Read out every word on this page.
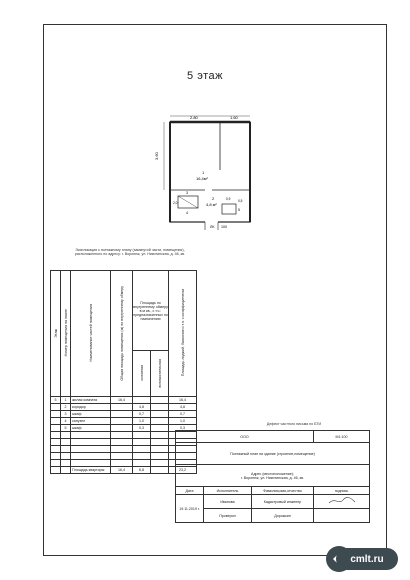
5 этаж
2.80	1.60
3.60
1
16,4м²
2
4,8 м²
3
4
5
2,0
0,9 0,5
ЛК 100
Экспликация к поэтажному плану (замкнутой части, помещения), расположенного по адресу: г. Воронеж, ул. Никитинская, д. 46, кв.
Этаж	Номер помещения на плане	Наименование частей помещения	Общая площадь помещения (м) по внутреннему обмеру	Площадь по внутреннему обмеру в м кв., с т.ч.: предназначенных по назначению		Площадь лоджий, балконов и т.п. с коэффициентом
				основная	вспомогательная	
5	1	жилая комната	16,4			16,4
	2	коридор		4,8		4,8
	3	шкаф		0,7		0,7
	4	санузел		1,0		1,0
	5	шкаф		0,3		0,3

		Площадь квартиры:	16,4	6,8		23,2
Дефект частного письма по БТИ
ООО			М1:100
Поэтажный план на здание (строение,помещение)			

Адрес (местоположение):
г. Воронеж, ул. Никитинская, д. 46, кв.			

Дата	Исполнитель	Фамилия,имя,отчество	подпись
19.11.2019 г.	Иванова	Кадастровый инженер	
	Проверил	Дорожкин	
cmlt.ru
